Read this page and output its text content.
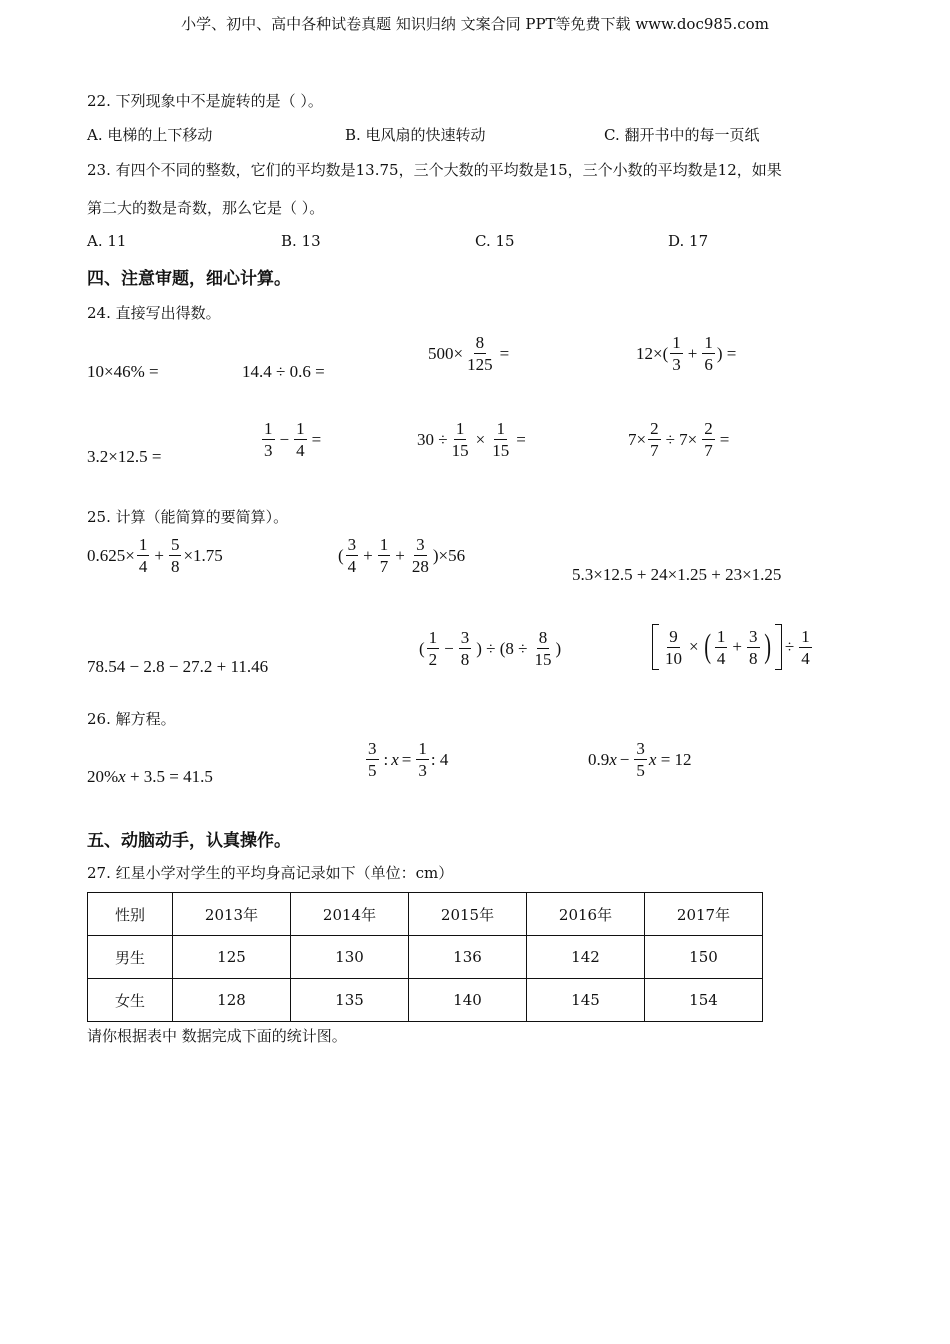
小学、初中、高中各种试卷真题 知识归纳 文案合同 PPT等免费下载 www.doc985.com
22. 下列现象中不是旋转的是（ ）。
A. 电梯的上下移动	B. 电风扇的快速转动	C. 翻开书中的每一页纸
23. 有四个不同的整数，它们的平均数是13.75，三个大数的平均数是15，三个小数的平均数是12，如果
第二大的数是奇数，那么它是（ ）。
A. 11	B. 13	C. 15	D. 17
四、注意审题，细心计算。
24. 直接写出得数。
10×46% =	14.4 ÷ 0.6 =
$500\times \frac{8}{125}$ =	12×(
1
3
+ $\frac{1}{6}$ ) =
3.2×12.5 =
1
3
− $\frac{1}{4}$ =	$30 \div \frac{1}{15} \times \frac{1}{15}$ =	$7\times \frac{2}{7} \div 7\times \frac{2}{7}$ =
25. 计算（能简算的要简算）。
$0.625\times \frac{1}{4} + \frac{5}{8} \times 1.75$	(
3
4
+ $\frac{1}{7} + \frac{3}{28} )\times 56$
5.3×12.5 + 24×1.25 + 23×1.25
78.54 − 2.8 − 27.2 + 11.46
(
1
2
− $\frac{3}{8}$ ) ÷ ($8 \div \frac{8}{15}$ )	$\frac{9}{10}$ × ( 1
4
+ $\frac{3}{8}$ ) ÷ $\frac{1}{4}$
26. 解方程。
20% x
+ 3.5 = 41.5
3
5
: $x = \frac{1}{3}$ : 4	0.9 $x - \frac{3}{5}$ x
= 12
五、动脑动手，认真操作。
27. 红星小学对学生的平均身高记录如下（单位：cm）
性别	2013年	2014年	2015年	2016年	2017年
男生	125	130	136	142	150
女生	128	135	140	145	154
请你根据表中 数据完成下面的统计图。
